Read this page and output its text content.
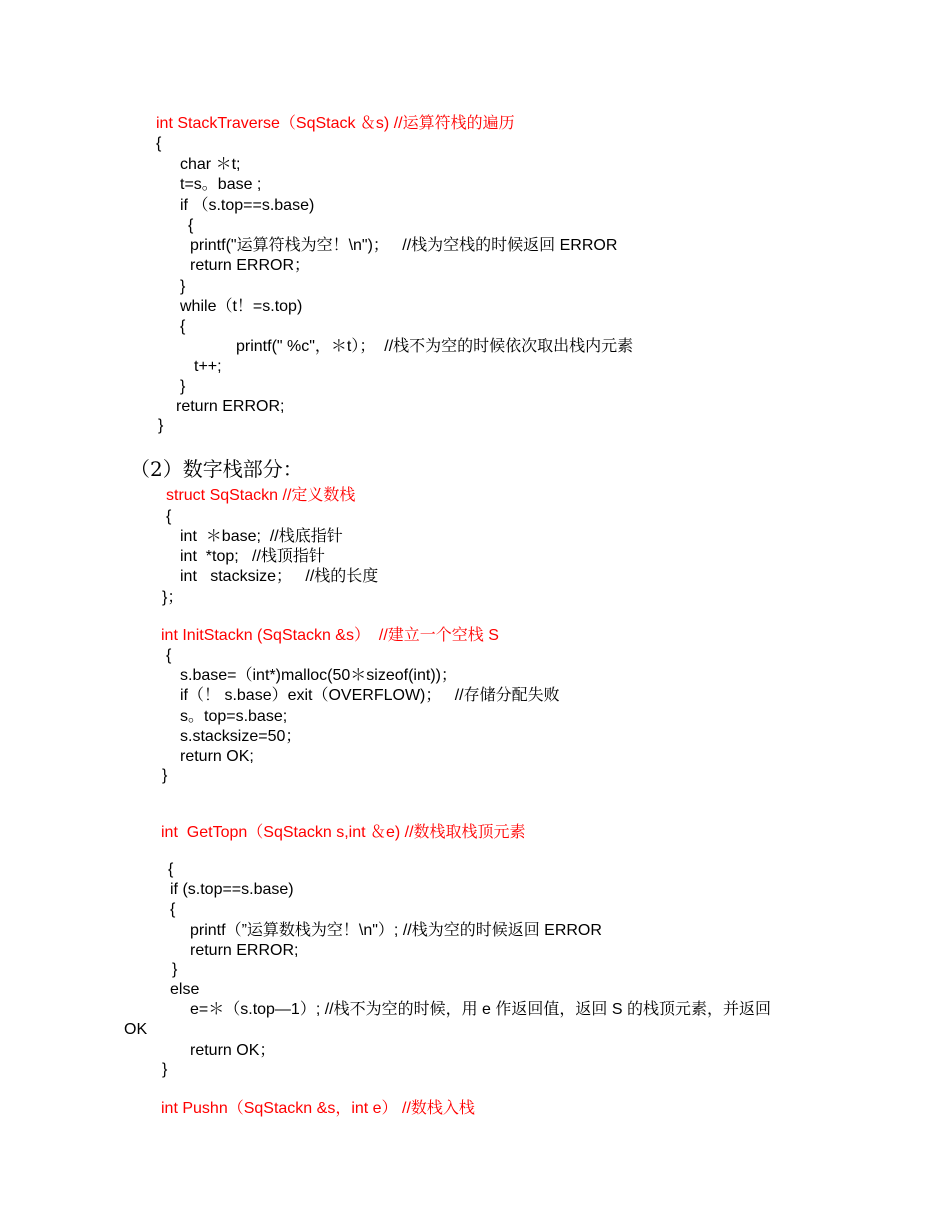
int StackTraverse（SqStack ＆s) //运算符栈的遍历
{
char ＊t;
t=s。base ;
if （s.top==s.base)
{
printf("运算符栈为空！\n")；   //栈为空栈的时候返回 ERROR
return ERROR；
}
while（t！=s.top)
{
printf(" %c"，＊t）；  //栈不为空的时候依次取出栈内元素
t++;
}
return ERROR;
}
（2）数字栈部分：
struct SqStackn //定义数栈
{
int  ＊base;  //栈底指针
int  *top;   //栈顶指针
int   stacksize；   //栈的长度
}；
int InitStackn (SqStackn &s）  //建立一个空栈 S
{
s.base=（int*)malloc(50＊sizeof(int))；
if（！ s.base）exit（OVERFLOW)；   //存储分配失败
s。top=s.base;
s.stacksize=50；
return OK;
}
int  GetTopn（SqStackn s,int ＆e) //数栈取栈顶元素
{
if (s.top==s.base)
{
printf（”运算数栈为空！\n"）; //栈为空的时候返回 ERROR
return ERROR;
}
else
e=＊（s.top—1）; //栈不为空的时候，用 e 作返回值，返回 S 的栈顶元素，并返回
OK
return OK；
}
int Pushn（SqStackn &s，int e） //数栈入栈
